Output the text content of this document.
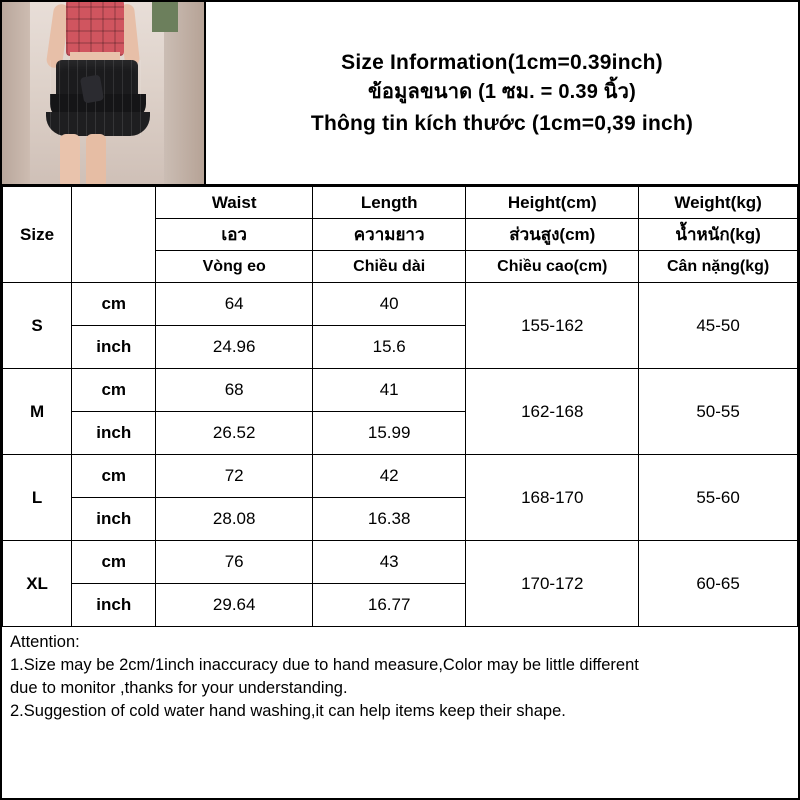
Size Information(1cm=0.39inch)
ข้อมูลขนาด (1 ซม. = 0.39 นิ้ว)
Thông tin kích thước (1cm=0,39 inch)
Size		Waist	Length	Height(cm)	Weight(kg)
		เอว	ความยาว	ส่วนสูง(cm)	น้ำหนัก(kg)
		Vòng eo	Chiều dài	Chiều cao(cm)	Cân nặng(kg)
S	cm	64	40	155-162	45-50
	inch	24.96	15.6		
M	cm	68	41	162-168	50-55
	inch	26.52	15.99		
L	cm	72	42	168-170	55-60
	inch	28.08	16.38		
XL	cm	76	43	170-172	60-65
	inch	29.64	16.77		

Attention:

1.Size may be 2cm/1inch inaccuracy due to hand measure,Color may be little different

due to monitor ,thanks for your understanding.

2.Suggestion of cold water hand washing,it can help items keep their shape.
